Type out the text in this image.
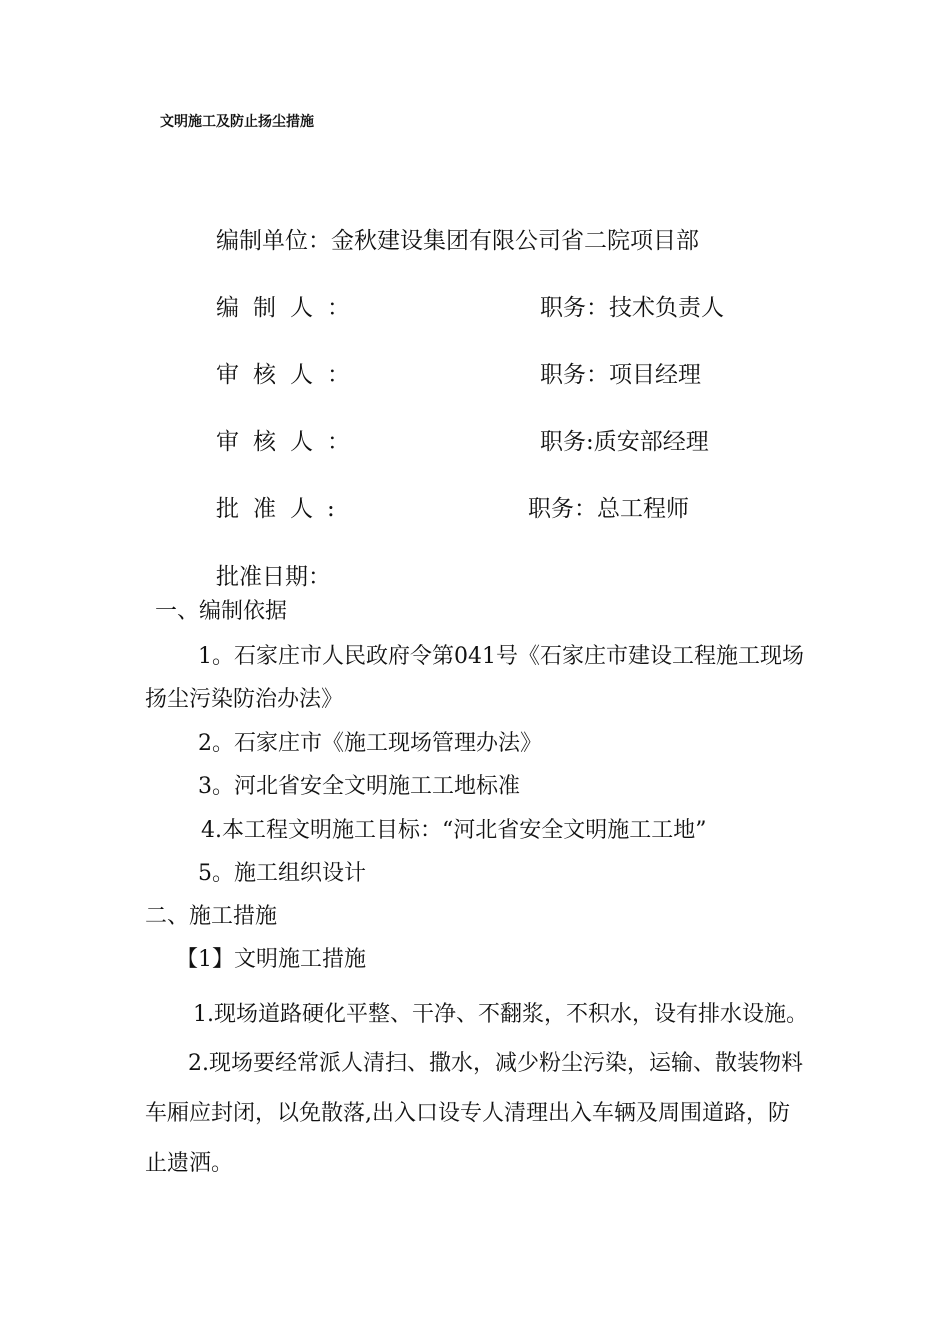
文明施工及防止扬尘措施
编制单位：金秋建设集团有限公司省二院项目部
编制人：	职务：技术负责人
审核人：	职务：项目经理
审核人：	职务:质安部经理
批准人:	职务：总工程师
批准日期：
一、编制依据
1。石家庄市人民政府令第041号《石家庄市建设工程施工现场
扬尘污染防治办法》
2。石家庄市《施工现场管理办法》
3。河北省安全文明施工工地标准
4.本工程文明施工目标：“河北省安全文明施工工地”
5。施工组织设计
二、施工措施
【1】文明施工措施
1.现场道路硬化平整、干净、不翻浆，不积水，设有排水设施。
2.现场要经常派人清扫、撒水，减少粉尘污染，运输、散装物料
车厢应封闭，以免散落,出入口设专人清理出入车辆及周围道路，防
止遗洒。
